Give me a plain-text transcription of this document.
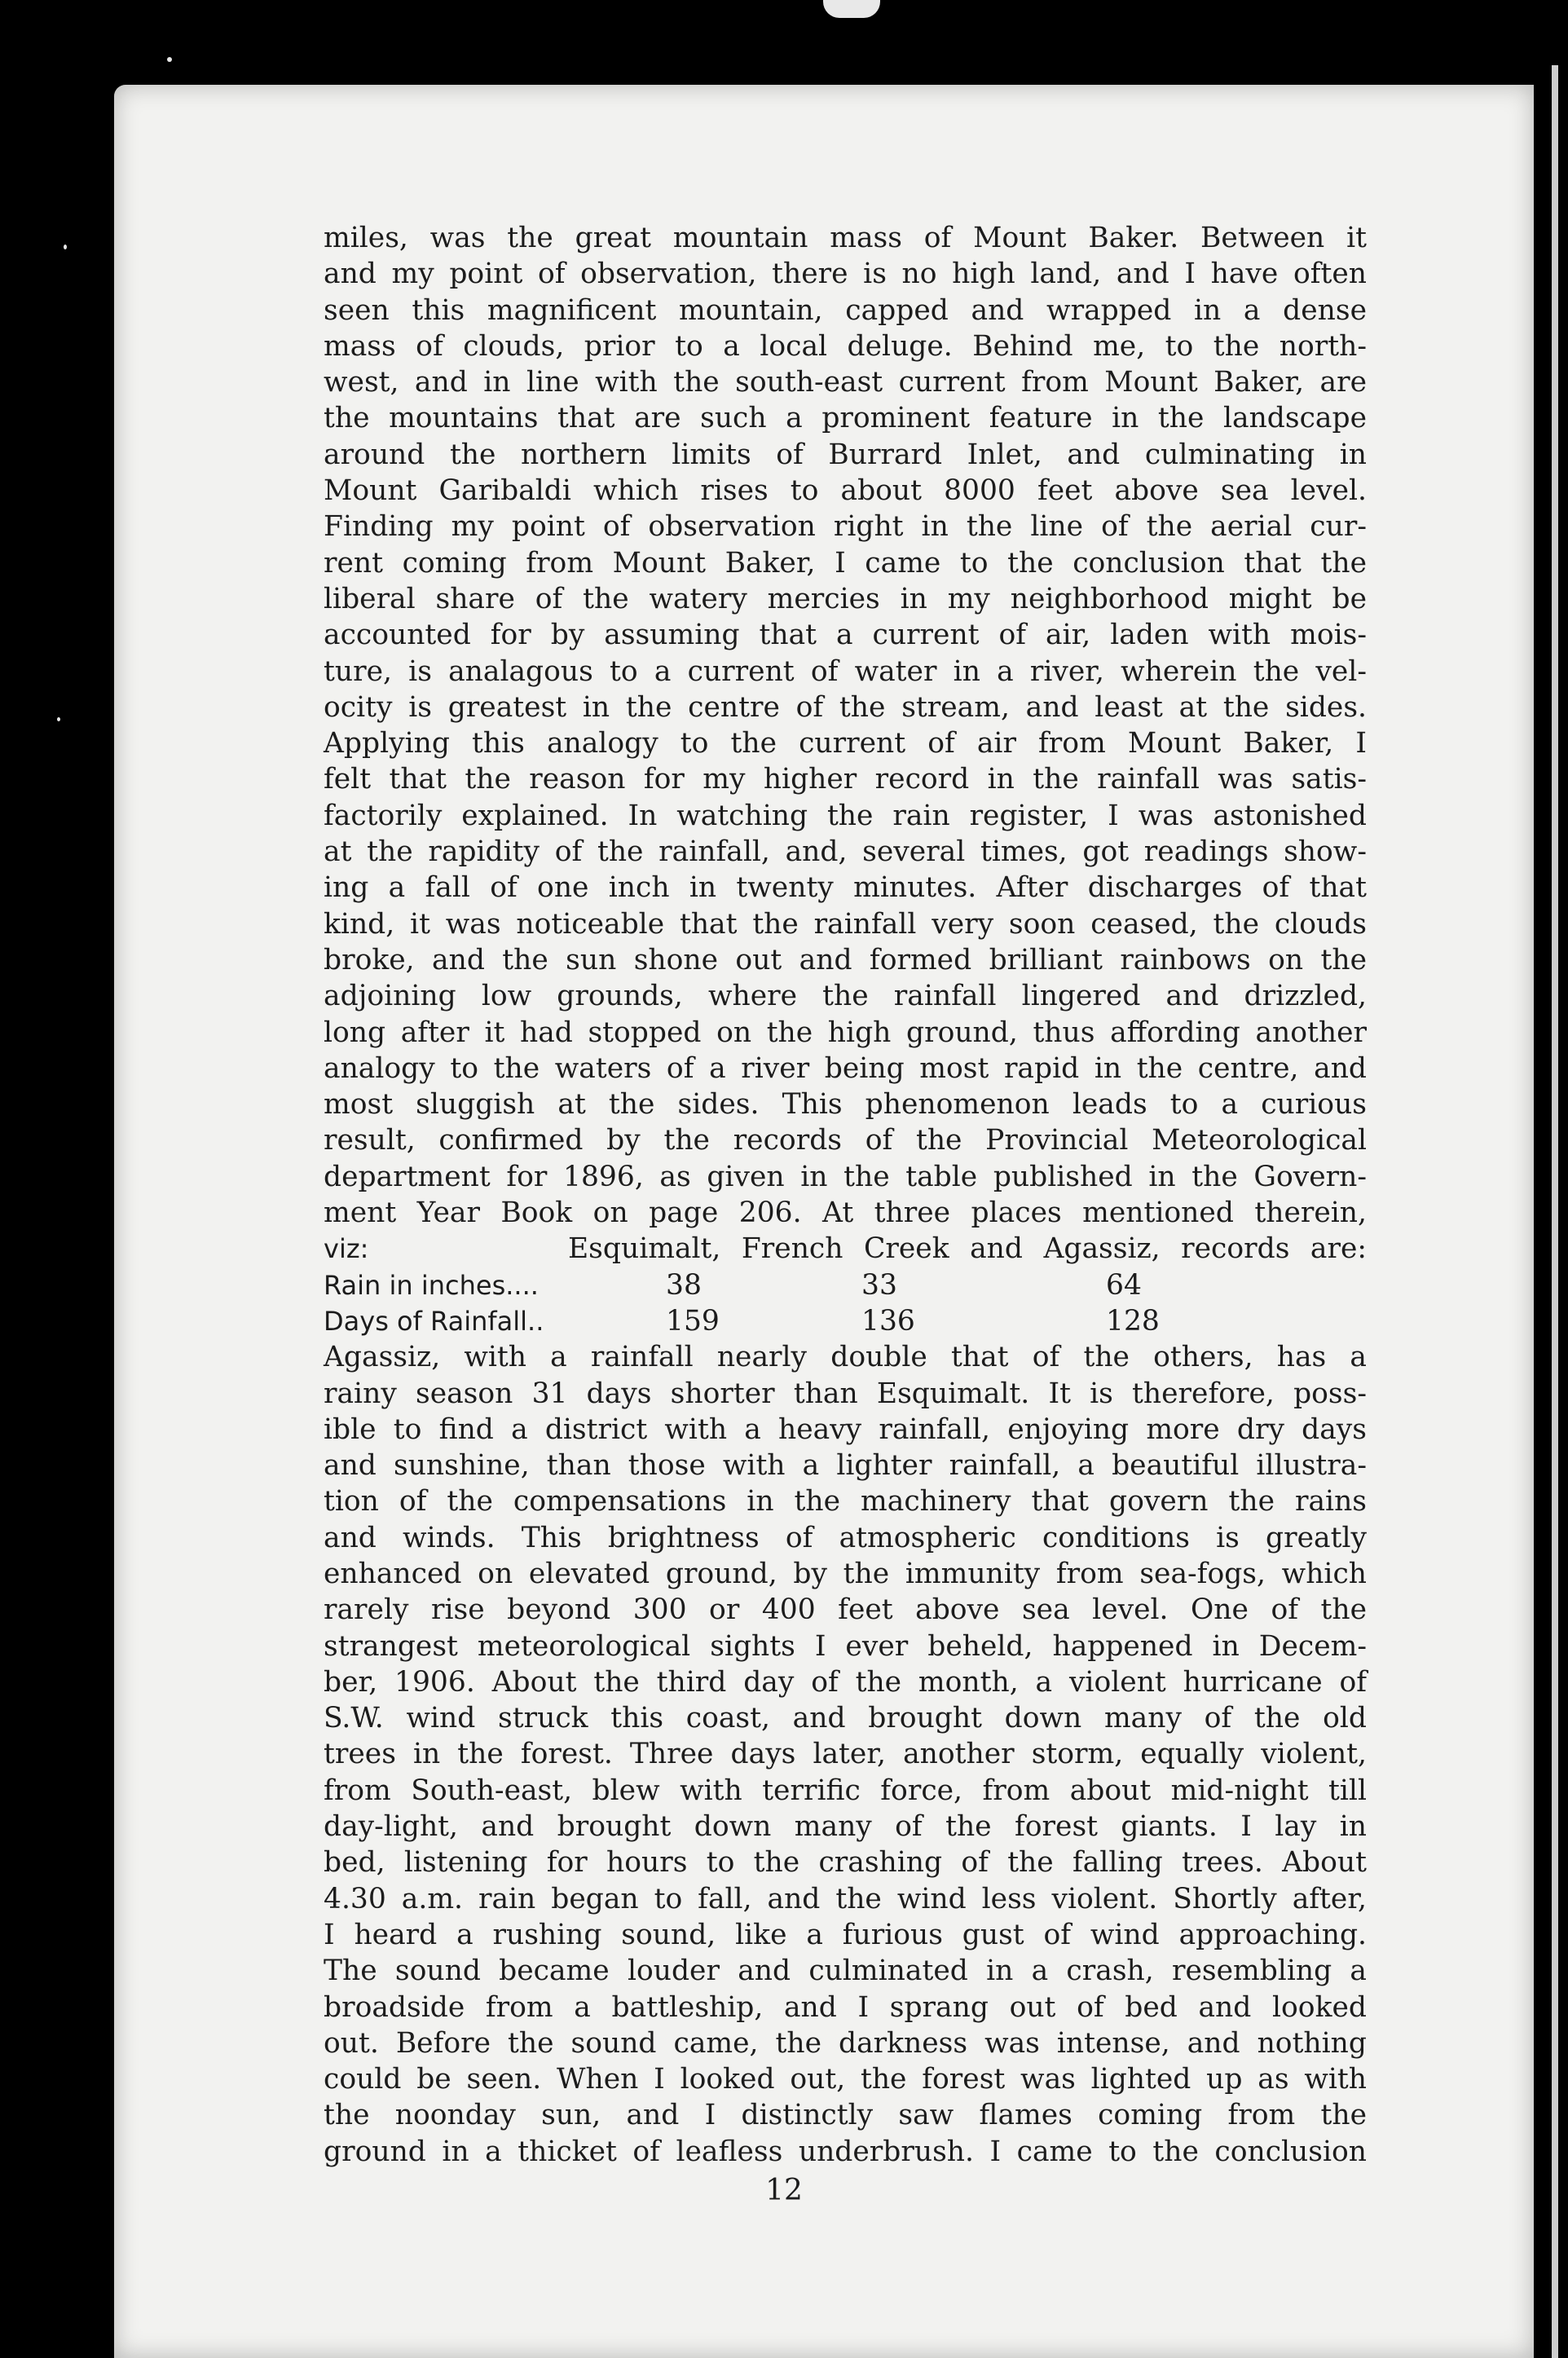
miles, was the great mountain mass of Mount Baker. Between it
and my point of observation, there is no high land, and I have often
seen this magnificent mountain, capped and wrapped in a dense
mass of clouds, prior to a local deluge. Behind me, to the north-
west, and in line with the south-east current from Mount Baker, are
the mountains that are such a prominent feature in the landscape
around the northern limits of Burrard Inlet, and culminating in
Mount Garibaldi which rises to about 8000 feet above sea level.
Finding my point of observation right in the line of the aerial cur-
rent coming from Mount Baker, I came to the conclusion that the
liberal share of the watery mercies in my neighborhood might be
accounted for by assuming that a current of air, laden with mois-
ture, is analagous to a current of water in a river, wherein the vel-
ocity is greatest in the centre of the stream, and least at the sides.
Applying this analogy to the current of air from Mount Baker, I
felt that the reason for my higher record in the rainfall was satis-
factorily explained. In watching the rain register, I was astonished
at the rapidity of the rainfall, and, several times, got readings show-
ing a fall of one inch in twenty minutes. After discharges of that
kind, it was noticeable that the rainfall very soon ceased, the clouds
broke, and the sun shone out and formed brilliant rainbows on the
adjoining low grounds, where the rainfall lingered and drizzled,
long after it had stopped on the high ground, thus affording another
analogy to the waters of a river being most rapid in the centre, and
most sluggish at the sides. This phenomenon leads to a curious
result, confirmed by the records of the Provincial Meteorological
department for 1896, as given in the table published in the Govern-
ment Year Book on page 206. At three places mentioned therein,
viz:	Esquimalt, French Creek and Agassiz, records are:
Rain in inches....	38	33	64
Days of Rainfall..	159	136	128
Agassiz, with a rainfall nearly double that of the others, has a
rainy season 31 days shorter than Esquimalt. It is therefore, poss-
ible to find a district with a heavy rainfall, enjoying more dry days
and sunshine, than those with a lighter rainfall, a beautiful illustra-
tion of the compensations in the machinery that govern the rains
and winds. This brightness of atmospheric conditions is greatly
enhanced on elevated ground, by the immunity from sea-fogs, which
rarely rise beyond 300 or 400 feet above sea level. One of the
strangest meteorological sights I ever beheld, happened in Decem-
ber, 1906. About the third day of the month, a violent hurricane of
S.W. wind struck this coast, and brought down many of the old
trees in the forest. Three days later, another storm, equally violent,
from South-east, blew with terrific force, from about mid-night till
day-light, and brought down many of the forest giants. I lay in
bed, listening for hours to the crashing of the falling trees. About
4.30 a.m. rain began to fall, and the wind less violent. Shortly after,
I heard a rushing sound, like a furious gust of wind approaching.
The sound became louder and culminated in a crash, resembling a
broadside from a battleship, and I sprang out of bed and looked
out. Before the sound came, the darkness was intense, and nothing
could be seen. When I looked out, the forest was lighted up as with
the noonday sun, and I distinctly saw flames coming from the
ground in a thicket of leafless underbrush. I came to the conclusion
12
